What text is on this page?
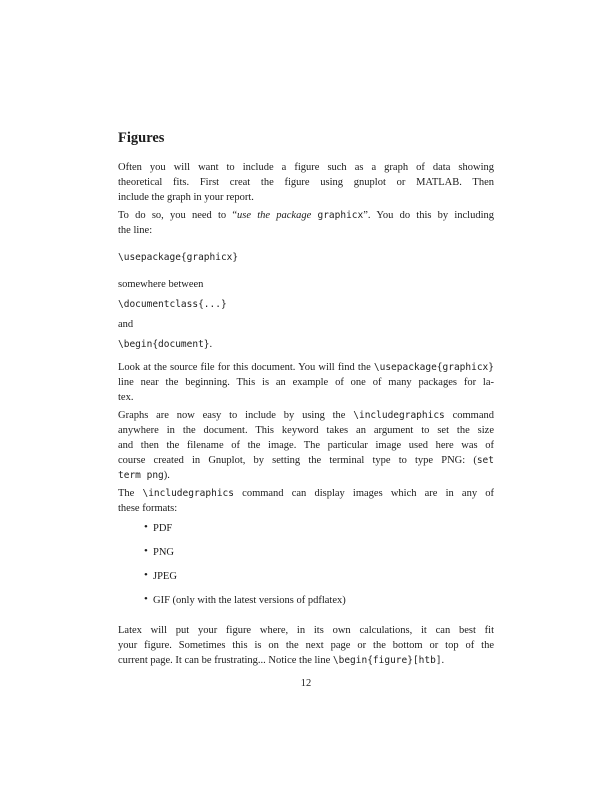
Figures
Often you will want to include a figure such as a graph of data showing
theoretical fits. First creat the figure using gnuplot or MATLAB. Then
include the graph in your report.
To do so, you need to “use the package graphicx”. You do this by including
the line:
\usepackage{graphicx}
somewhere between
\documentclass{...}
and
\begin{document}.
Look at the source file for this document. You will find the \usepackage{graphicx}
line near the beginning. This is an example of one of many packages for la-
tex.
Graphs are now easy to include by using the \includegraphics command
anywhere in the document. This keyword takes an argument to set the size
and then the filename of the image. The particular image used here was of
course created in Gnuplot, by setting the terminal type to type PNG: (set
term png).
The \includegraphics command can display images which are in any of
these formats:
• PDF
• PNG
• JPEG
• GIF (only with the latest versions of pdflatex)
Latex will put your figure where, in its own calculations, it can best fit
your figure. Sometimes this is on the next page or the bottom or top of the
current page. It can be frustrating... Notice the line \begin{figure}[htb].
12
